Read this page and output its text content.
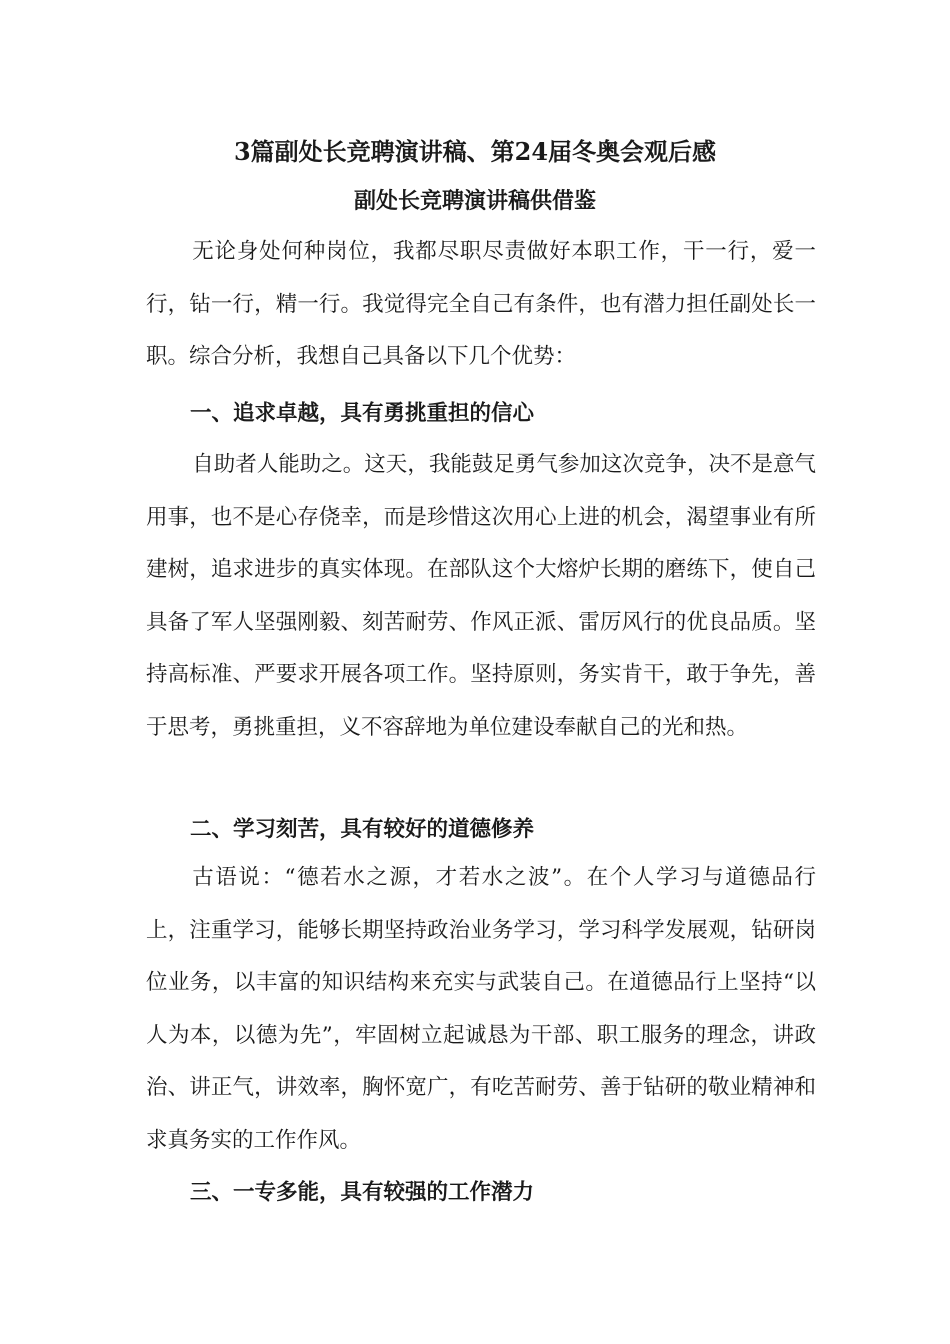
3篇副处长竞聘演讲稿、第24届冬奥会观后感
副处长竞聘演讲稿供借鉴

无论身处何种岗位，我都尽职尽责做好本职工作，干一行，爱一行，钻一行，精一行。我觉得完全自己有条件，也有潜力担任副处长一职。综合分析，我想自己具备以下几个优势：

一、追求卓越，具有勇挑重担的信心

自助者人能助之。这天，我能鼓足勇气参加这次竞争，决不是意气用事，也不是心存侥幸，而是珍惜这次用心上进的机会，渴望事业有所建树，追求进步的真实体现。在部队这个大熔炉长期的磨练下，使自己具备了军人坚强刚毅、刻苦耐劳、作风正派、雷厉风行的优良品质。坚持高标准、严要求开展各项工作。坚持原则，务实肯干，敢于争先，善于思考，勇挑重担，义不容辞地为单位建设奉献自己的光和热。

二、学习刻苦，具有较好的道德修养

古语说：“德若水之源，才若水之波”。在个人学习与道德品行上，注重学习，能够长期坚持政治业务学习，学习科学发展观，钻研岗位业务，以丰富的知识结构来充实与武装自己。在道德品行上坚持“以人为本，以德为先”，牢固树立起诚恳为干部、职工服务的理念，讲政治、讲正气，讲效率，胸怀宽广，有吃苦耐劳、善于钻研的敬业精神和求真务实的工作作风。

三、一专多能，具有较强的工作潜力
